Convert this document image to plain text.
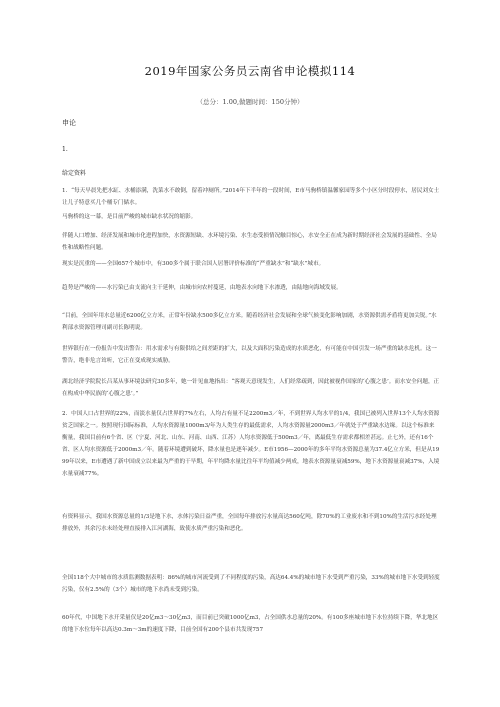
2019年国家公务员云南省申论模拟114
（总分：1.00,做题时间：150分钟）
申论
1.
给定资料

1．“每天早晨先把水缸、水桶添满，洗菜水不敢倒，留着冲厕所。”2014年下半年的一段时间，E市马驹桥镇温馨家园等多个小区分时段停水，居民刘女士让儿子特意买几个桶专门储水。

马驹桥的这一幕，是目前严峻的城市缺水状况的缩影。

伴随人口增加、经济发展和城市化进程加快，水资源短缺、水环境污染、水生态受损情况触目惊心，水安全正在成为新时期经济社会发展的基础性、全局性和战略性问题。

现实是沉重的——全国657个城市中，有300多个属于联合国人居署评价标准的“严重缺水”和“缺水”城市。

趋势是严峻的——水污染已由支流向主干延伸，由城市向农村蔓延，由地表水向地下水渗透，由陆地向海域发展。

“目前，全国年用水总量近6200亿立方米，正常年份缺水500多亿立方米。随着经济社会发展和全球气候变化影响加剧，水资源供需矛盾将更加尖锐。”水利部水资源管理司副司长陈明说。

世界银行在一份报告中发出警告：用水需求与有限供给之间差距的扩大，以及大面积污染造成的水质恶化，有可能在中国引发一场严重的缺水危机。这一警告，绝非危言耸听，它正在变成现实威胁。

湖北经济学院院长吕某从事环境法研究30多年，她一针见血地指出：“客观天意现发生，人们经常疏到，因此被视作国家的‘心腹之患’。而水安全问题，正在构成中华民族的‘心腹之患’。”

2．中国人口占世界的22%，而淡水量仅占世界的7%左右，人均占有量不足2200m3／年，不到世界人均水平的1/4，我国已被列入世界13个人均水资源贫乏国家之一。按照现行国际标准，人均水资源量1000m3/年为人类生存的最低需求，人均水资源量2000m3／年就处于严重缺水边缘。以这个标准来衡量，我国目前有6个省、区（宁夏、河北、山东、河南、山西、江苏）人均水资源低于500m3／年，离最低生存需求都相差甚远。止七外，还有16个省、区人均水资源低于2000m3／年。随着环境遭到破坏，降水量也是逐年减少。E市1956—2000年的多年平均水资源总量为37.4亿立方米，但是从1999年以来，E市遭遇了新中国成立以来最为严重的干旱期，年平均降水量比往年平均值减少两成，地表水资源量衰减59%，地下水资源量衰减37%，入境水量衰减77%。

有资料显示，我国水资源总量的1/3是地下水，水体污染日益严重，全国每年排放污水量高达560亿吨，除70%的工业废水和不到10%的生活污水经处理排放外，其余污水未经处理直接排入江河湖海，致使水质严重污染和恶化。

全国118个大中城市的水质监测数据表明：86%的城市河流受到了不同程度的污染，高达64.4%的城市地下水受到严重污染，33%的城市地下水受到轻度污染，仅有2.5%的（3个）城市的地下水尚未受到污染。

60年代，中国地下水开采量仅是20亿m3～30亿m3，而目前已突破1000亿m3，占全国供水总量的20%。有100多座城市地下水位持续下降，华北地区的地下水位每年以高达0.3m～3m的速度下降，目前全国有200个县市共发现757
